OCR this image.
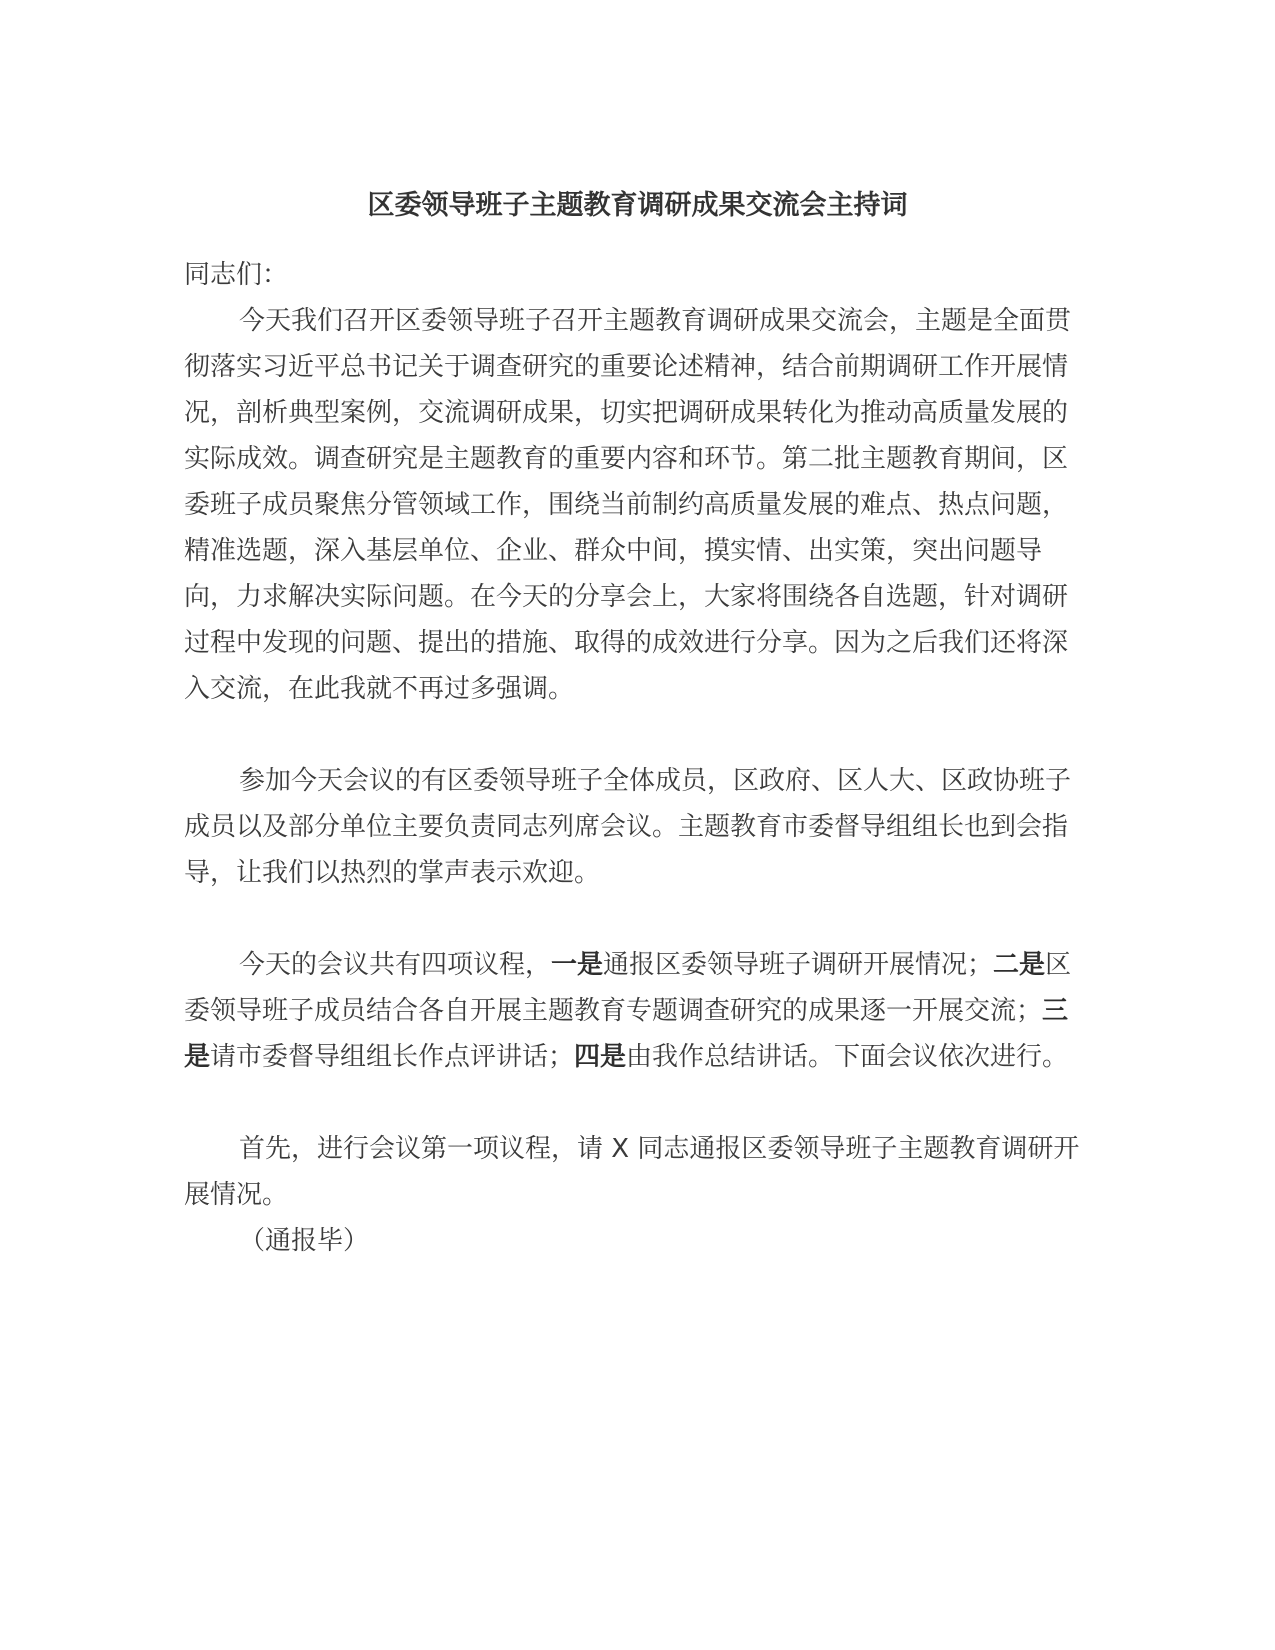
区委领导班子主题教育调研成果交流会主持词

同志们：

今天我们召开区委领导班子召开主题教育调研成果交流会，主题是全面贯彻落实习近平总书记关于调查研究的重要论述精神，结合前期调研工作开展情况，剖析典型案例，交流调研成果，切实把调研成果转化为推动高质量发展的实际成效。调查研究是主题教育的重要内容和环节。第二批主题教育期间，区委班子成员聚焦分管领域工作，围绕当前制约高质量发展的难点、热点问题，精准选题，深入基层单位、企业、群众中间，摸实情、出实策，突出问题导向，力求解决实际问题。在今天的分享会上，大家将围绕各自选题，针对调研过程中发现的问题、提出的措施、取得的成效进行分享。因为之后我们还将深入交流，在此我就不再过多强调。

参加今天会议的有区委领导班子全体成员，区政府、区人大、区政协班子成员以及部分单位主要负责同志列席会议。主题教育市委督导组组长也到会指导，让我们以热烈的掌声表示欢迎。

今天的会议共有四项议程，一是通报区委领导班子调研开展情况；二是区委领导班子成员结合各自开展主题教育专题调查研究的成果逐一开展交流；三是请市委督导组组长作点评讲话；四是由我作总结讲话。下面会议依次进行。

首先，进行会议第一项议程，请 X 同志通报区委领导班子主题教育调研开展情况。

（通报毕）
